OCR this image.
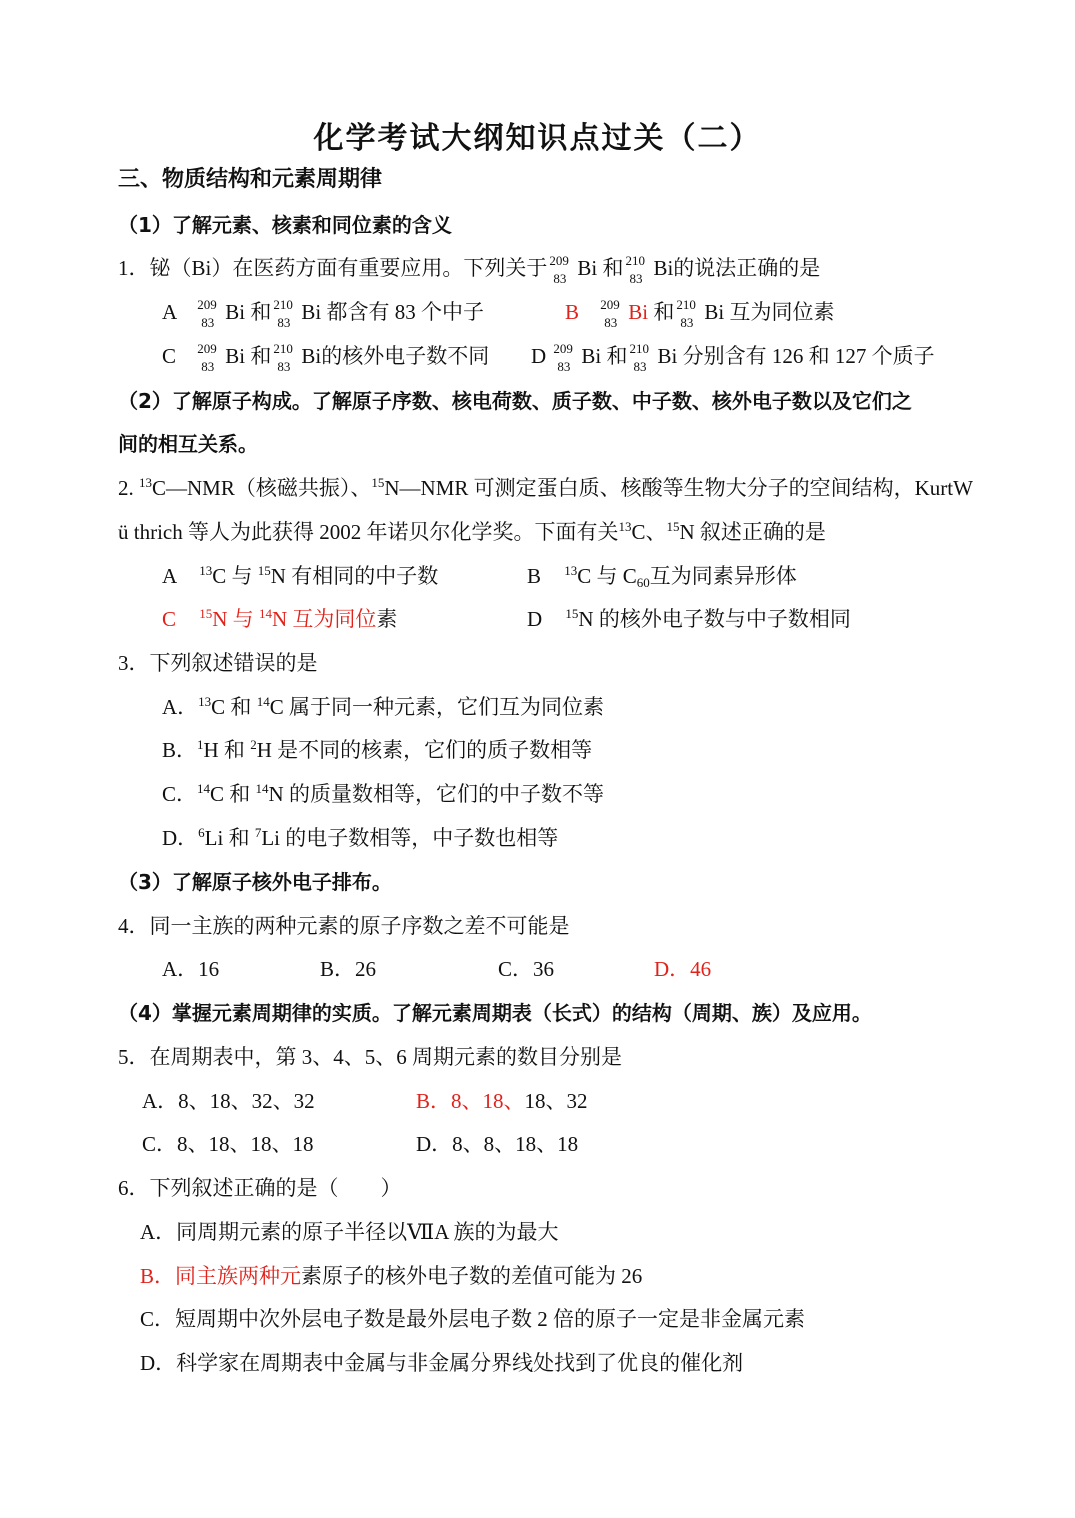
化学考试大纲知识点过关（二）
三、物质结构和元素周期律
（1）了解元素、核素和同位素的含义
1．铋（Bi）在医药方面有重要应用。下列关于 209
83 Bi 和 210
83 Bi的说法正确的是
A 209
83 Bi 和 210
83 Bi 都含有 83 个中子	B 209
83 Bi 和 210
83 Bi 互为同位素
C 209
83 Bi 和 210
83 Bi的核外电子数不同 D 209
83 Bi 和 210
83 Bi 分别含有 126 和 127 个质子
（2）了解原子构成。了解原子序数、核电荷数、质子数、中子数、核外电子数以及它们之
间的相互关系。
2. $^{13}$C—NMR（核磁共振）、$^{15}$N—NMR 可测定蛋白质、核酸等生物大分子的空间结构，KurtW
ü thrich 等人为此获得 2002 年诺贝尔化学奖。下面有关$^{13}$C、$^{15}$N 叙述正确的是
A $^{13}$C 与 $^{15}$N 有相同的中子数	B $^{13}$C 与 $C_{60}$互为同素异形体
C $^{15}$N 与 $^{14}$N 互为同位素	D $^{15}$N 的核外电子数与中子数相同
3．下列叙述错误的是
A．$^{13}$C 和 $^{14}$C 属于同一种元素，它们互为同位素
B．$^1$H 和 $^2$H 是不同的核素，它们的质子数相等
C．$^{14}$C 和 $^{14}$N 的质量数相等，它们的中子数不等
D．$^6$Li 和 $^7$Li 的电子数相等，中子数也相等
（3）了解原子核外电子排布。
4．同一主族的两种元素的原子序数之差不可能是
A．16	B．26	C．36	D．46
（4）掌握元素周期律的实质。了解元素周期表（长式）的结构（周期、族）及应用。
5．在周期表中，第 3、4、5、6 周期元素的数目分别是
A．8、18、32、32	B．8、18、18、32
C．8、18、18、18	D．8、8、18、18
6．下列叙述正确的是（　　）
A．同周期元素的原子半径以ⅦA 族的为最大
B．同主族两种元素原子的核外电子数的差值可能为 26
C．短周期中次外层电子数是最外层电子数 2 倍的原子一定是非金属元素
D．科学家在周期表中金属与非金属分界线处找到了优良的催化剂
